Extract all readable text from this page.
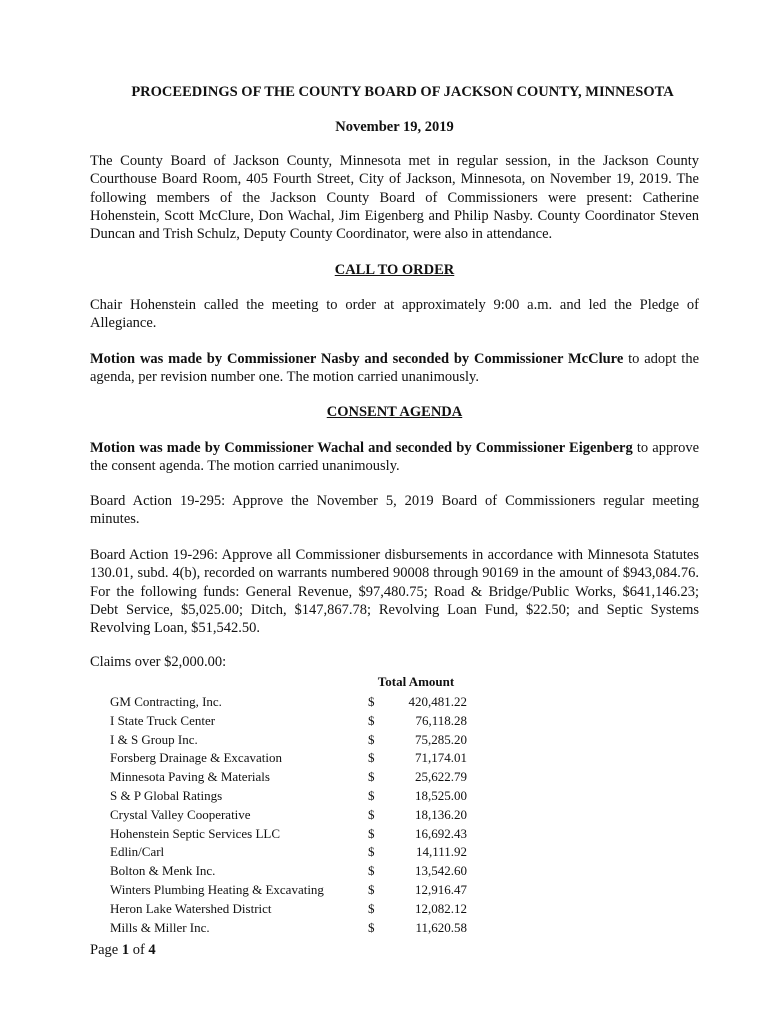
PROCEEDINGS OF THE COUNTY BOARD OF JACKSON COUNTY, MINNESOTA
November 19, 2019
The County Board of Jackson County, Minnesota met in regular session, in the Jackson County Courthouse Board Room, 405 Fourth Street, City of Jackson, Minnesota, on November 19, 2019. The following members of the Jackson County Board of Commissioners were present: Catherine Hohenstein, Scott McClure, Don Wachal, Jim Eigenberg and Philip Nasby. County Coordinator Steven Duncan and Trish Schulz, Deputy County Coordinator, were also in attendance.
CALL TO ORDER
Chair Hohenstein called the meeting to order at approximately 9:00 a.m. and led the Pledge of Allegiance.
Motion was made by Commissioner Nasby and seconded by Commissioner McClure to adopt the agenda, per revision number one. The motion carried unanimously.
CONSENT AGENDA
Motion was made by Commissioner Wachal and seconded by Commissioner Eigenberg to approve the consent agenda. The motion carried unanimously.
Board Action 19-295: Approve the November 5, 2019 Board of Commissioners regular meeting minutes.
Board Action 19-296: Approve all Commissioner disbursements in accordance with Minnesota Statutes 130.01, subd. 4(b), recorded on warrants numbered 90008 through 90169 in the amount of $943,084.76. For the following funds: General Revenue, $97,480.75; Road & Bridge/Public Works, $641,146.23; Debt Service, $5,025.00; Ditch, $147,867.78; Revolving Loan Fund, $22.50; and Septic Systems Revolving Loan, $51,542.50.
Claims over $2,000.00:
Total Amount
GM Contracting, Inc.	$	420,481.22
I State Truck Center	$	76,118.28
I & S Group Inc.	$	75,285.20
Forsberg Drainage & Excavation	$	71,174.01
Minnesota Paving & Materials	$	25,622.79
S & P Global Ratings	$	18,525.00
Crystal Valley Cooperative	$	18,136.20
Hohenstein Septic Services LLC	$	16,692.43
Edlin/Carl	$	14,111.92
Bolton & Menk Inc.	$	13,542.60
Winters Plumbing Heating & Excavating	$	12,916.47
Heron Lake Watershed District	$	12,082.12
Mills & Miller Inc.	$	11,620.58
Page 1 of 4
